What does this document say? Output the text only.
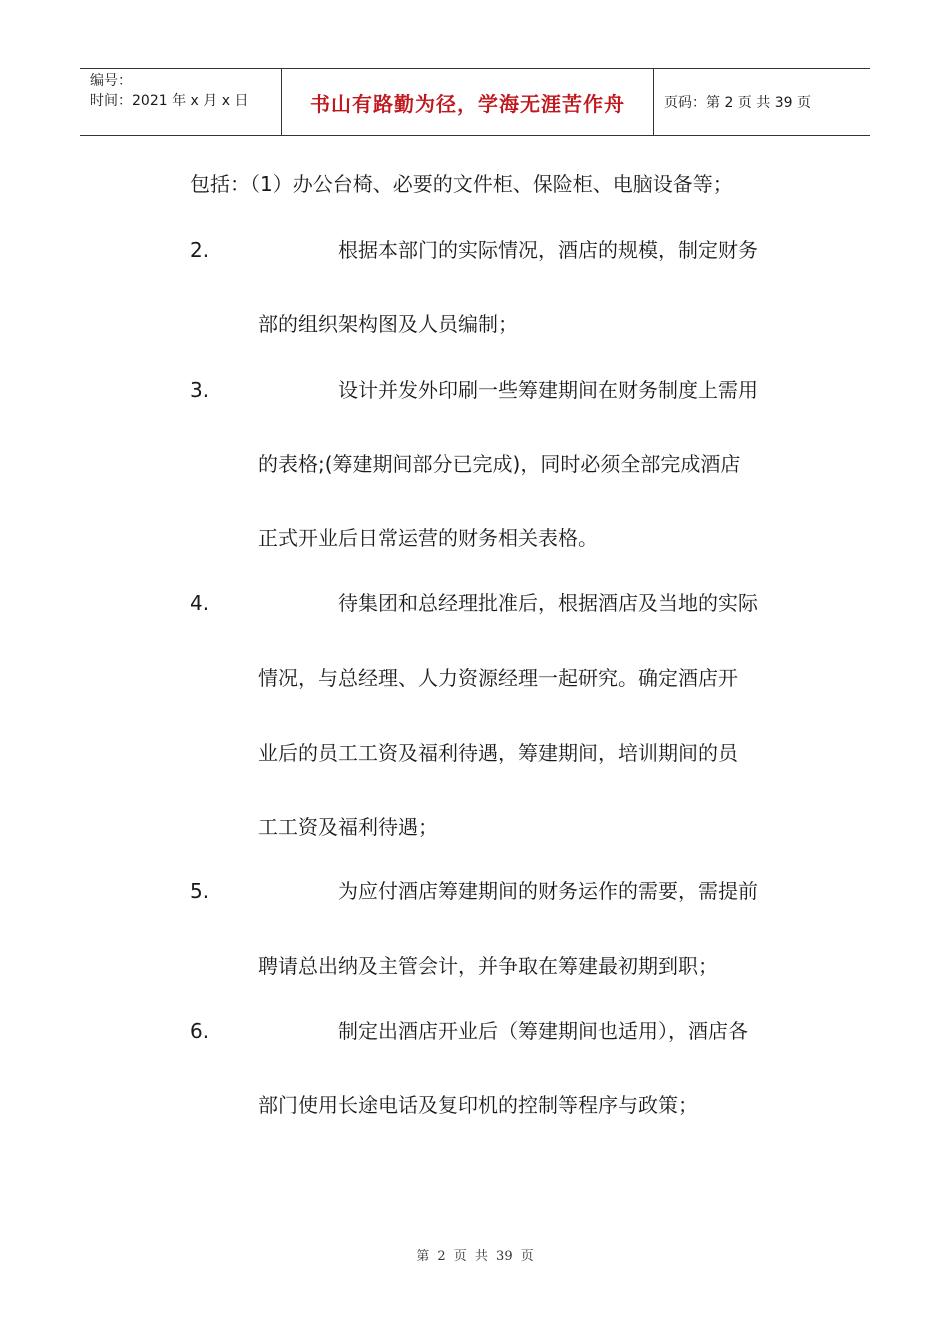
编号：
时间：2021 年 x 月 x 日	书山有路勤为径，学海无涯苦作舟	页码：第 2 页 共 39 页
包括：（1）办公台椅、必要的文件柜、保险柜、电脑设备等；
2.	根据本部门的实际情况，酒店的规模，制定财务
部的组织架构图及人员编制；
3.	设计并发外印刷一些筹建期间在财务制度上需用
的表格;(筹建期间部分已完成)，同时必须全部完成酒店
正式开业后日常运营的财务相关表格。
4.	待集团和总经理批准后，根据酒店及当地的实际
情况，与总经理、人力资源经理一起研究。确定酒店开
业后的员工工资及福利待遇，筹建期间，培训期间的员
工工资及福利待遇；
5.	为应付酒店筹建期间的财务运作的需要，需提前
聘请总出纳及主管会计，并争取在筹建最初期到职；
6.	制定出酒店开业后（筹建期间也适用），酒店各
部门使用长途电话及复印机的控制等程序与政策；
第 2 页 共 39 页
